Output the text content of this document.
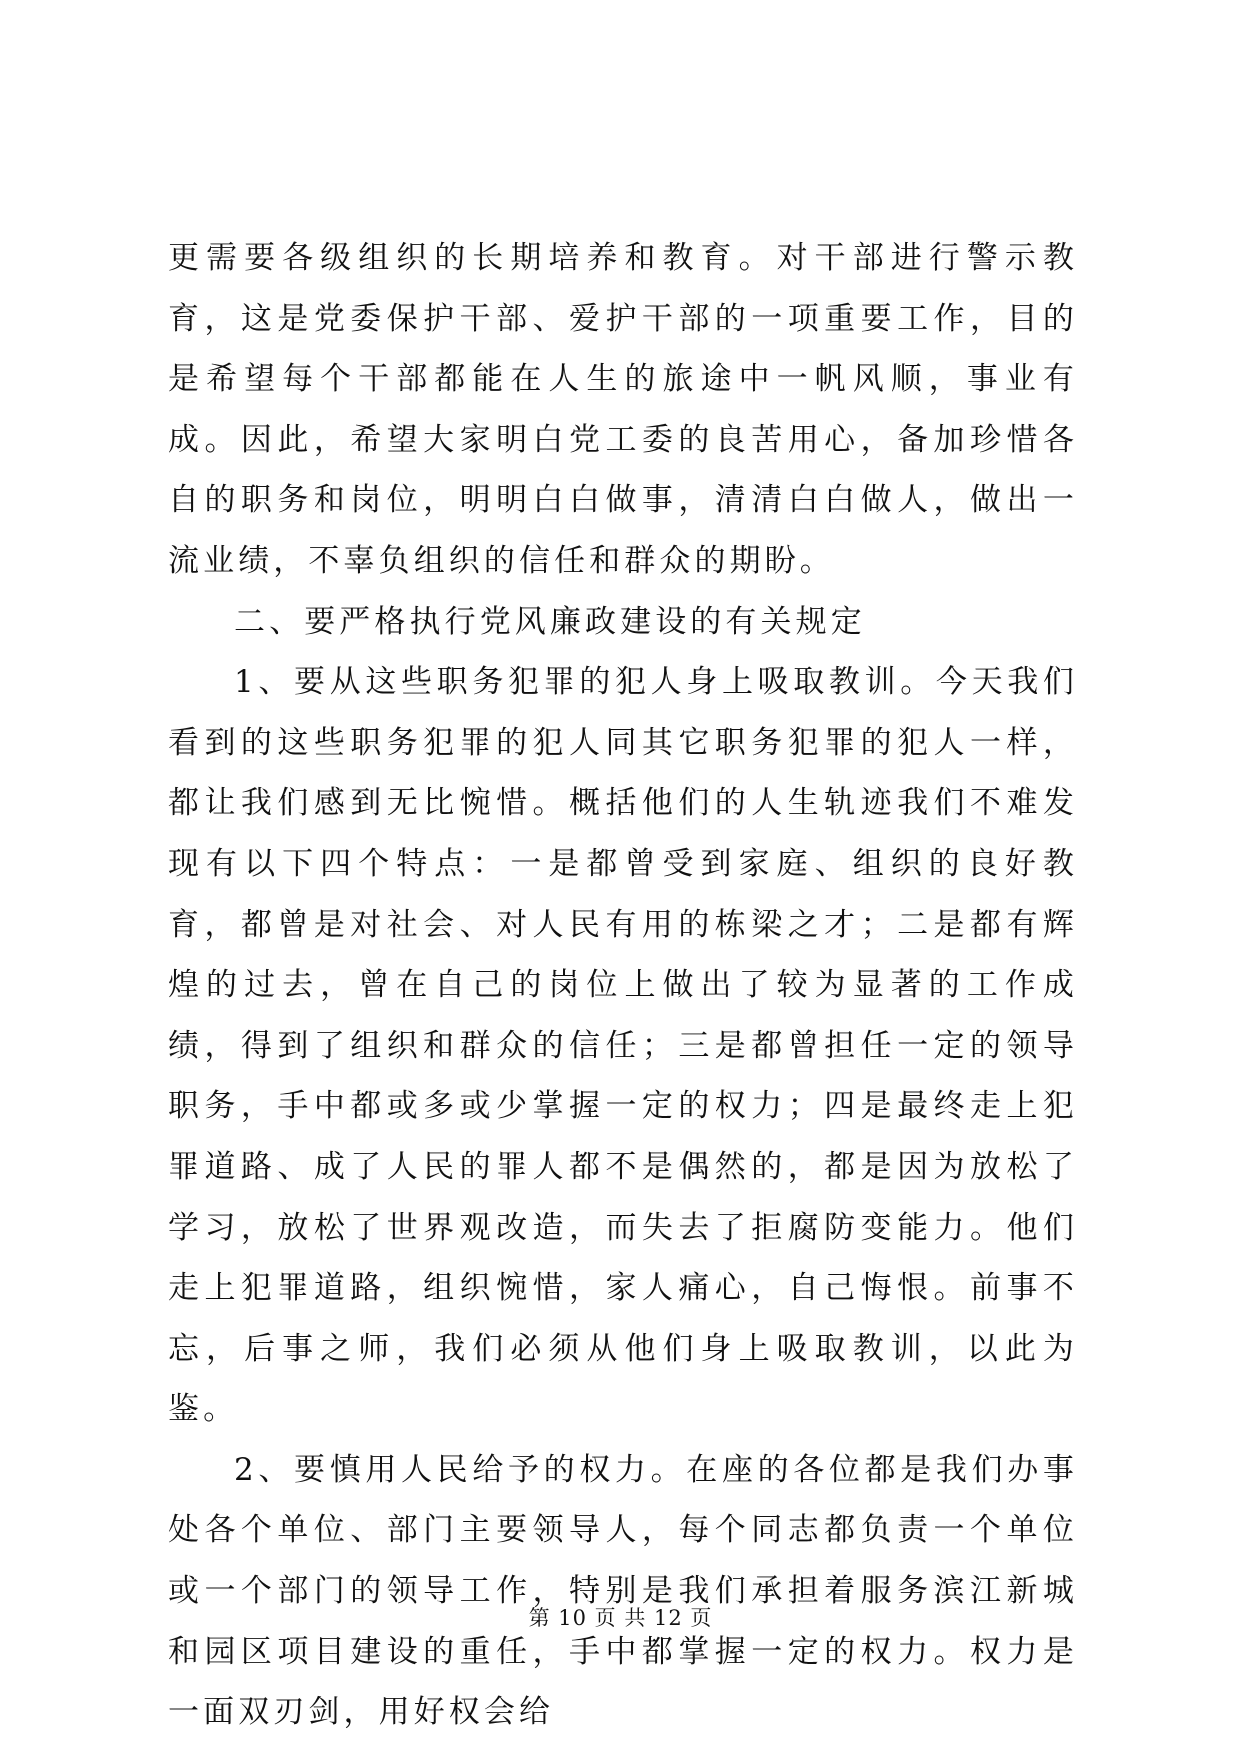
更需要各级组织的长期培养和教育。对干部进行警示教育，这是党委保护干部、爱护干部的一项重要工作，目的是希望每个干部都能在人生的旅途中一帆风顺，事业有成。因此，希望大家明白党工委的良苦用心，备加珍惜各自的职务和岗位，明明白白做事，清清白白做人，做出一流业绩，不辜负组织的信任和群众的期盼。

二、要严格执行党风廉政建设的有关规定

1、要从这些职务犯罪的犯人身上吸取教训。今天我们看到的这些职务犯罪的犯人同其它职务犯罪的犯人一样，都让我们感到无比惋惜。概括他们的人生轨迹我们不难发现有以下四个特点：一是都曾受到家庭、组织的良好教育，都曾是对社会、对人民有用的栋梁之才；二是都有辉煌的过去，曾在自己的岗位上做出了较为显著的工作成绩，得到了组织和群众的信任；三是都曾担任一定的领导职务，手中都或多或少掌握一定的权力；四是最终走上犯罪道路、成了人民的罪人都不是偶然的，都是因为放松了学习，放松了世界观改造，而失去了拒腐防变能力。他们走上犯罪道路，组织惋惜，家人痛心，自己悔恨。前事不忘，后事之师，我们必须从他们身上吸取教训，以此为鉴。

2、要慎用人民给予的权力。在座的各位都是我们办事处各个单位、部门主要领导人，每个同志都负责一个单位或一个部门的领导工作，特别是我们承担着服务滨江新城和园区项目建设的重任，手中都掌握一定的权力。权力是一面双刃剑，用好权会给

第 10 页 共 12 页
